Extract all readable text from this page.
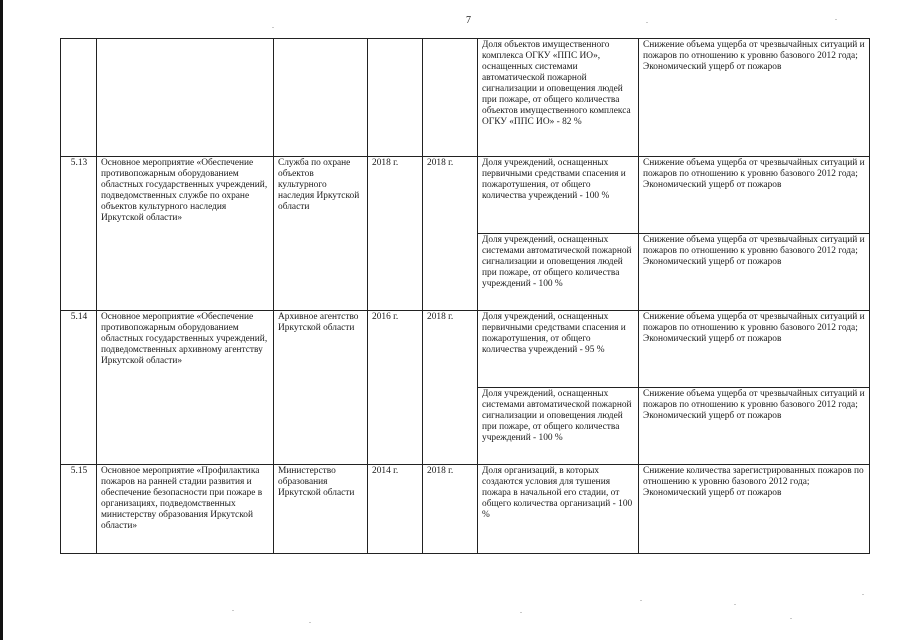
7
					Доля объектов имущественного комплекса ОГКУ «ППС ИО», оснащенных системами автоматической пожарной сигнализации и оповещения людей при пожаре, от общего количества объектов имущественного комплекса ОГКУ «ППС ИО» - 82 %	Снижение объема ущерба от чрезвычайных ситуаций и пожаров по отношению к уровню базового 2012 года; Экономический ущерб от пожаров
5.13	Основное мероприятие «Обеспечение противопожарным оборудованием областных государственных учреждений, подведомственных службе по охране объектов культурного наследия Иркутской области»	Служба по охране объектов культурного наследия Иркутской области	2018 г.	2018 г.	Доля учреждений, оснащенных первичными средствами спасения и пожаротушения, от общего количества учреждений - 100 %	Снижение объема ущерба от чрезвычайных ситуаций и пожаров по отношению к уровню базового 2012 года; Экономический ущерб от пожаров
					Доля учреждений, оснащенных системами автоматической пожарной сигнализации и оповещения людей при пожаре, от общего количества учреждений - 100 %	Снижение объема ущерба от чрезвычайных ситуаций и пожаров по отношению к уровню базового 2012 года; Экономический ущерб от пожаров
5.14	Основное мероприятие «Обеспечение противопожарным оборудованием областных государственных учреждений, подведомственных архивному агентству Иркутской области»	Архивное агентство Иркутской области	2016 г.	2018 г.	Доля учреждений, оснащенных первичными средствами спасения и пожаротушения, от общего количества учреждений - 95 %	Снижение объема ущерба от чрезвычайных ситуаций и пожаров по отношению к уровню базового 2012 года; Экономический ущерб от пожаров
					Доля учреждений, оснащенных системами автоматической пожарной сигнализации и оповещения людей при пожаре, от общего количества учреждений - 100 %	Снижение объема ущерба от чрезвычайных ситуаций и пожаров по отношению к уровню базового 2012 года; Экономический ущерб от пожаров
5.15	Основное мероприятие «Профилактика пожаров на ранней стадии развития и обеспечение безопасности при пожаре в организациях, подведомственных министерству образования Иркутской области»	Министерство образования Иркутской области	2014 г.	2018 г.	Доля организаций, в которых создаются условия для тушения пожара в начальной его стадии, от общего количества организаций - 100 %	Снижение количества зарегистрированных пожаров по отношению к уровню базового 2012 года; Экономический ущерб от пожаров
